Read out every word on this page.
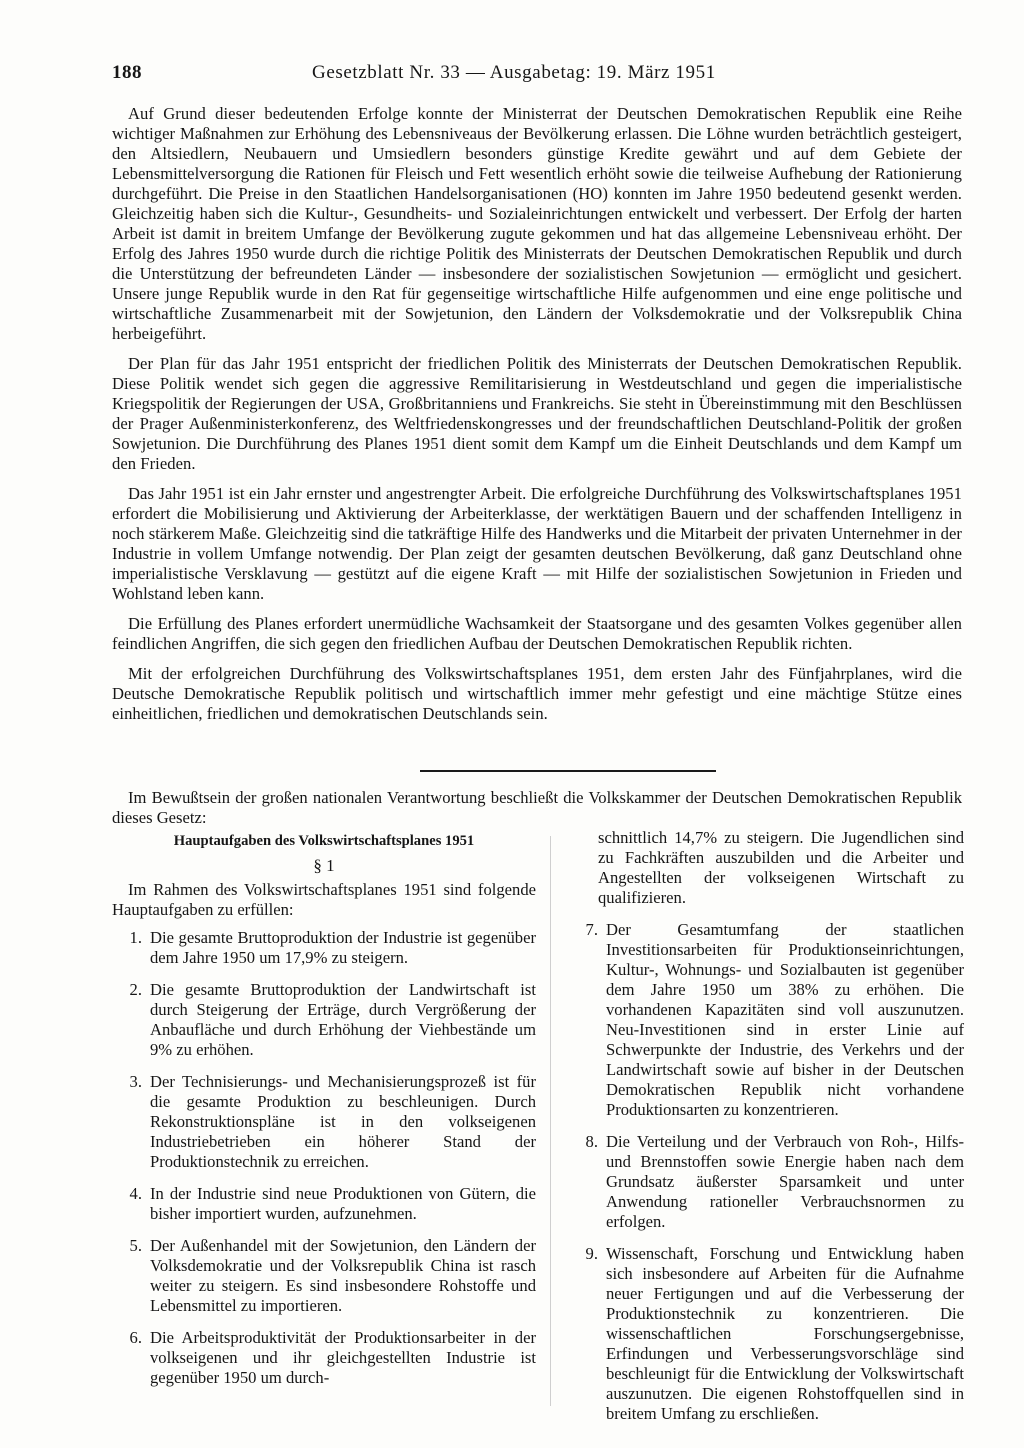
188	Gesetzblatt Nr. 33 — Ausgabetag: 19. März 1951

Auf Grund dieser bedeutenden Erfolge konnte der Ministerrat der Deutschen Demokratischen Republik eine Reihe wichtiger Maßnahmen zur Erhöhung des Lebensniveaus der Bevölkerung erlassen. Die Löhne wurden beträchtlich gesteigert, den Altsiedlern, Neubauern und Umsiedlern besonders günstige Kredite gewährt und auf dem Gebiete der Lebensmittelversorgung die Rationen für Fleisch und Fett wesentlich erhöht sowie die teilweise Aufhebung der Rationierung durchgeführt. Die Preise in den Staatlichen Handelsorganisationen (HO) konnten im Jahre 1950 bedeutend gesenkt werden. Gleichzeitig haben sich die Kultur-, Gesundheits- und Sozialeinrichtungen entwickelt und verbessert. Der Erfolg der harten Arbeit ist damit in breitem Umfange der Bevölkerung zugute gekommen und hat das allgemeine Lebensniveau erhöht. Der Erfolg des Jahres 1950 wurde durch die richtige Politik des Ministerrats der Deutschen Demokratischen Republik und durch die Unterstützung der befreundeten Länder — insbesondere der sozialistischen Sowjetunion — ermöglicht und gesichert. Unsere junge Republik wurde in den Rat für gegenseitige wirtschaftliche Hilfe aufgenommen und eine enge politische und wirtschaftliche Zusammenarbeit mit der Sowjetunion, den Ländern der Volksdemokratie und der Volksrepublik China herbeigeführt.

Der Plan für das Jahr 1951 entspricht der friedlichen Politik des Ministerrats der Deutschen Demokratischen Republik. Diese Politik wendet sich gegen die aggressive Remilitarisierung in Westdeutschland und gegen die imperialistische Kriegspolitik der Regierungen der USA, Großbritanniens und Frankreichs. Sie steht in Übereinstimmung mit den Beschlüssen der Prager Außenministerkonferenz, des Weltfriedenskongresses und der freundschaftlichen Deutschland-Politik der großen Sowjetunion. Die Durchführung des Planes 1951 dient somit dem Kampf um die Einheit Deutschlands und dem Kampf um den Frieden.

Das Jahr 1951 ist ein Jahr ernster und angestrengter Arbeit. Die erfolgreiche Durchführung des Volkswirtschaftsplanes 1951 erfordert die Mobilisierung und Aktivierung der Arbeiterklasse, der werktätigen Bauern und der schaffenden Intelligenz in noch stärkerem Maße. Gleichzeitig sind die tatkräftige Hilfe des Handwerks und die Mitarbeit der privaten Unternehmer in der Industrie in vollem Umfange notwendig. Der Plan zeigt der gesamten deutschen Bevölkerung, daß ganz Deutschland ohne imperialistische Versklavung — gestützt auf die eigene Kraft — mit Hilfe der sozialistischen Sowjetunion in Frieden und Wohlstand leben kann.

Die Erfüllung des Planes erfordert unermüdliche Wachsamkeit der Staatsorgane und des gesamten Volkes gegenüber allen feindlichen Angriffen, die sich gegen den friedlichen Aufbau der Deutschen Demokratischen Republik richten.

Mit der erfolgreichen Durchführung des Volkswirtschaftsplanes 1951, dem ersten Jahr des Fünfjahrplanes, wird die Deutsche Demokratische Republik politisch und wirtschaftlich immer mehr gefestigt und eine mächtige Stütze eines einheitlichen, friedlichen und demokratischen Deutschlands sein.

Im Bewußtsein der großen nationalen Verantwortung beschließt die Volkskammer der Deutschen Demokratischen Republik dieses Gesetz:

Hauptaufgaben des Volkswirtschaftsplanes 1951
§ 1

Im Rahmen des Volkswirtschaftsplanes 1951 sind folgende Hauptaufgaben zu erfüllen:

1. Die gesamte Bruttoproduktion der Industrie ist gegenüber dem Jahre 1950 um 17,9% zu steigern.
2. Die gesamte Bruttoproduktion der Landwirtschaft ist durch Steigerung der Erträge, durch Vergrößerung der Anbaufläche und durch Erhöhung der Viehbestände um 9% zu erhöhen.
3. Der Technisierungs- und Mechanisierungsprozeß ist für die gesamte Produktion zu beschleunigen. Durch Rekonstruktionspläne ist in den volkseigenen Industriebetrieben ein höherer Stand der Produktionstechnik zu erreichen.
4. In der Industrie sind neue Produktionen von Gütern, die bisher importiert wurden, aufzunehmen.
5. Der Außenhandel mit der Sowjetunion, den Ländern der Volksdemokratie und der Volksrepublik China ist rasch weiter zu steigern. Es sind insbesondere Rohstoffe und Lebensmittel zu importieren.
6. Die Arbeitsproduktivität der Produktionsarbeiter in der volkseigenen und ihr gleichgestellten Industrie ist gegenüber 1950 um durch-

schnittlich 14,7% zu steigern. Die Jugendlichen sind zu Fachkräften auszubilden und die Arbeiter und Angestellten der volkseigenen Wirtschaft zu qualifizieren.

7. Der Gesamtumfang der staatlichen Investitionsarbeiten für Produktionseinrichtungen, Kultur-, Wohnungs- und Sozialbauten ist gegenüber dem Jahre 1950 um 38% zu erhöhen. Die vorhandenen Kapazitäten sind voll auszunutzen. Neu-Investitionen sind in erster Linie auf Schwerpunkte der Industrie, des Verkehrs und der Landwirtschaft sowie auf bisher in der Deutschen Demokratischen Republik nicht vorhandene Produktionsarten zu konzentrieren.
8. Die Verteilung und der Verbrauch von Roh-, Hilfs- und Brennstoffen sowie Energie haben nach dem Grundsatz äußerster Sparsamkeit und unter Anwendung rationeller Verbrauchsnormen zu erfolgen.
9. Wissenschaft, Forschung und Entwicklung haben sich insbesondere auf Arbeiten für die Aufnahme neuer Fertigungen und auf die Verbesserung der Produktionstechnik zu konzentrieren. Die wissenschaftlichen Forschungsergebnisse, Erfindungen und Verbesserungsvorschläge sind beschleunigt für die Entwicklung der Volkswirtschaft auszunutzen. Die eigenen Rohstoffquellen sind in breitem Umfang zu erschließen.
